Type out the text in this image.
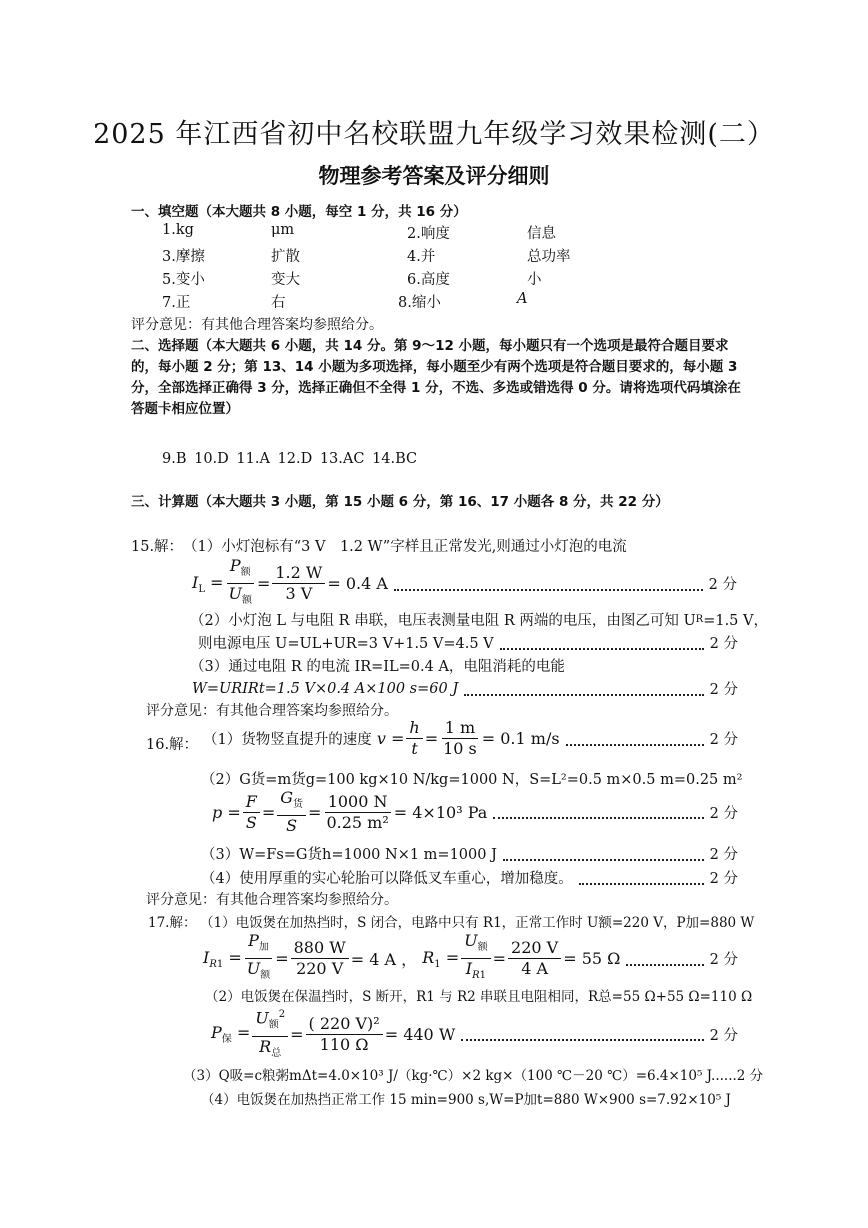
2025 年江西省初中名校联盟九年级学习效果检测(二）
物理参考答案及评分细则
一、填空题（本大题共 8 小题，每空 1 分，共 16 分）
1.kg	μm	2.响度	信息
3.摩擦	扩散	4.并	总功率
5.变小	变大	6.高度	小
7.正	右	8.缩小	A
评分意见：有其他合理答案均参照给分。
二、选择题（本大题共 6 小题，共 14 分。第 9～12 小题，每小题只有一个选项是最符合题目要求的，每小题 2 分；第 13、14 小题为多项选择，每小题至少有两个选项是符合题目要求的，每小题 3 分，全部选择正确得 3 分，选择正确但不全得 1 分，不选、多选或错选得 0 分。请将选项代码填涂在答题卡相应位置）
9.B 10.D 11.A 12.D 13.AC 14.BC
三、计算题（本大题共 3 小题，第 15 小题 6 分，第 16、17 小题各 8 分，共 22 分）
15.解： （1）小灯泡标有“3 V　1.2 W”字样且正常发光,则通过小灯泡的电流
$I_L = \frac{P_额}{U_额} = \frac{1.2 W}{3 V} = 0.4$ A	2 分
（2）小灯泡 L 与电阻 R 串联，电压表测量电阻 R 两端的电压，由图乙可知 U R =1.5 V，
则电源电压 U=UL+UR=3 V+1.5 V=4.5 V	2 分
（3）通过电阻 R 的电流 IR=IL=0.4 A，电阻消耗的电能
W=URIRt=1.5 V×0.4 A×100 s=60 J	2 分
评分意见：有其他合理答案均参照给分。
16.解： （1）货物竖直提升的速度 $v = \frac{h}{t} = \frac{1 m}{10 s} = 0.1$ m/s	2 分
（2）G货=m货g=100 kg×10 N/kg=1000 N，S=L²=0.5 m×0.5 m=0.25 m²
$p = \frac{F}{S} = \frac{G_货}{S} = \frac{1000 N}{\text{0.25 m²}} = 4\times 10^3$ Pa	2 分
（3）W=Fs=G货h=1000 N×1 m=1000 J	2 分
（4）使用厚重的实心轮胎可以降低叉车重心，增加稳度。	2 分
评分意见：有其他合理答案均参照给分。
17.解： （1）电饭煲在加热挡时，S 闭合，电路中只有 R1，正常工作时 U额=220 V，P加=880 W
$I_{R1} = \frac{P_加}{U_额} = \frac{880 W}{220 V} = 4$ A ， $R_1 = \frac{U_额}{I_{R1}} = \frac{220 V}{4 A} = 55$ Ω	2 分
（2）电饭煲在保温挡时，S 断开，R1 与 R2 串联且电阻相同，R总=55 Ω+55 Ω=110 Ω
$P_保 = \frac{U_额^2}{R_总} = \frac{\text{( 220 V)²}}{110 \Omega} = 440$ W	2 分
（3）Q吸=c粮粥mΔt=4.0×10³ J/（kg·℃）×2 kg×（100 ℃－20 ℃）=6.4×10⁵ J......2 分
（4）电饭煲在加热挡正常工作 15 min=900 s,W=P加t=880 W×900 s=7.92×10⁵ J
